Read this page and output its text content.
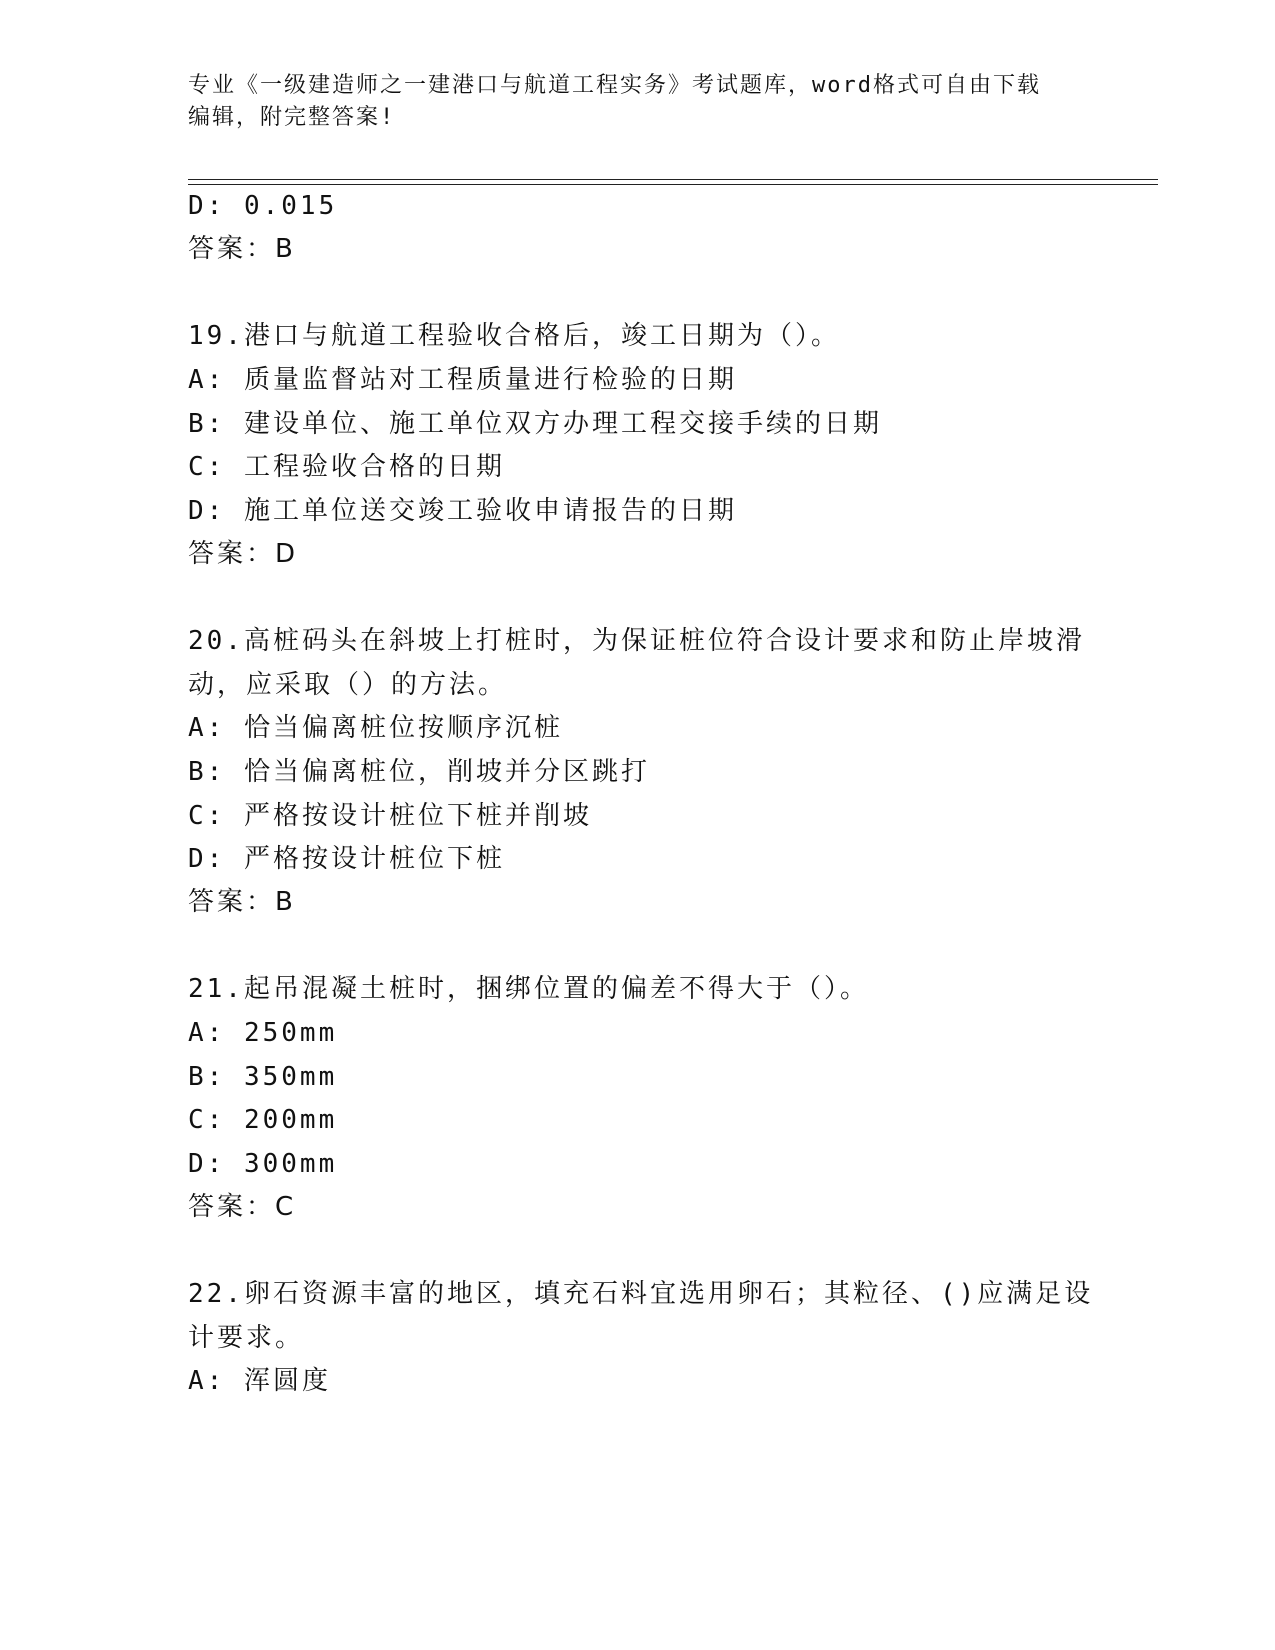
专业《一级建造师之一建港口与航道工程实务》考试题库，word格式可自由下载
编辑，附完整答案!
D: 0.015
答案：B
19.港口与航道工程验收合格后，竣工日期为（）。
A: 质量监督站对工程质量进行检验的日期
B: 建设单位、施工单位双方办理工程交接手续的日期
C: 工程验收合格的日期
D: 施工单位送交竣工验收申请报告的日期
答案：D
20.高桩码头在斜坡上打桩时，为保证桩位符合设计要求和防止岸坡滑
动，应采取（）的方法。
A: 恰当偏离桩位按顺序沉桩
B: 恰当偏离桩位，削坡并分区跳打
C: 严格按设计桩位下桩并削坡
D: 严格按设计桩位下桩
答案：B
21.起吊混凝土桩时，捆绑位置的偏差不得大于（）。
A: 250mm
B: 350mm
C: 200mm
D: 300mm
答案：C
22.卵石资源丰富的地区，填充石料宜选用卵石；其粒径、()应满足设
计要求。
A: 浑圆度
